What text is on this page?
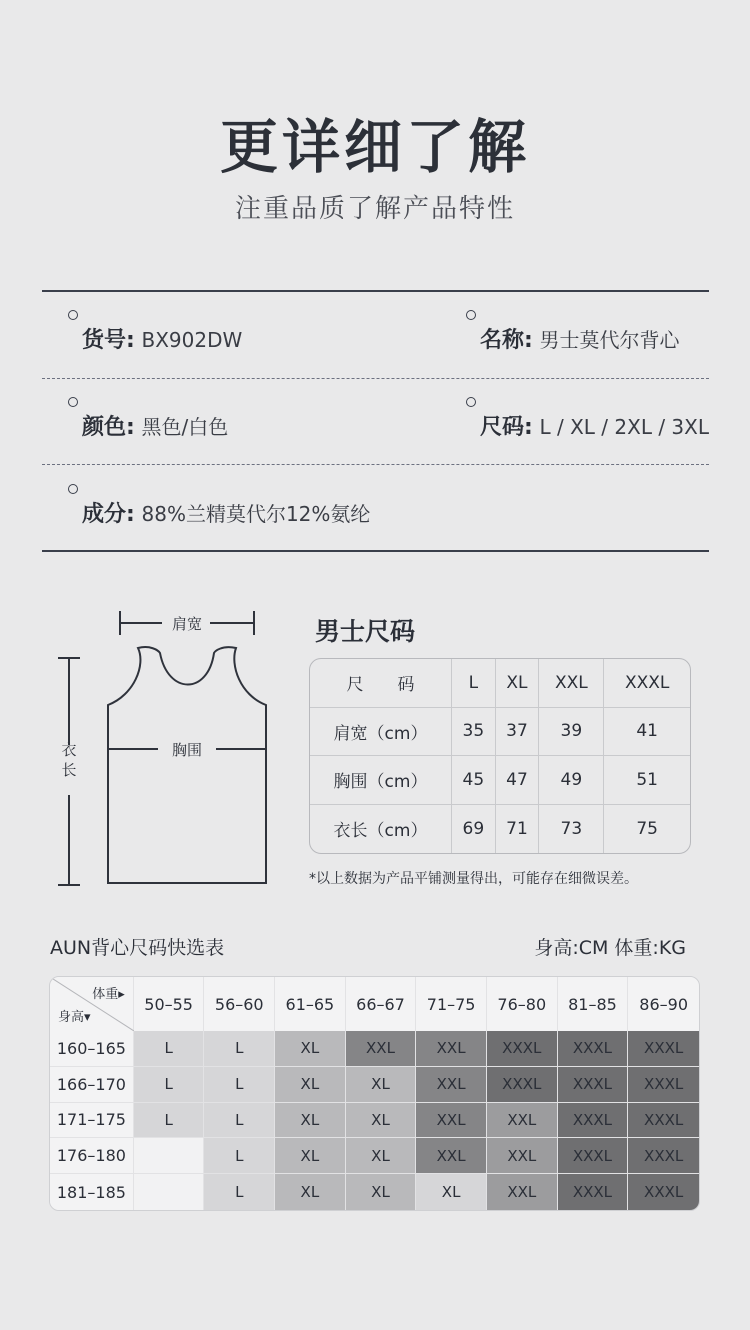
更详细了解
注重品质了解产品特性
货号: BX902DW	名称: 男士莫代尔背心
颜色: 黑色/白色	尺码: L / XL / 2XL / 3XL
成分: 88%兰精莫代尔12%氨纶
肩宽
胸围
衣长
男士尺码
尺　　码	L	XL	XXL	XXXL
肩宽（cm）	35	37	39	41
胸围（cm）	45	47	49	51
衣长（cm）	69	71	73	75
*以上数据为产品平铺测量得出，可能存在细微误差。
AUN背心尺码快选表	身高:CM 体重:KG
体重▸
身高▾	50–55	56–60	61–65	66–67	71–75	76–80	81–85	86–90
160–165	L	L	XL	XXL	XXL	XXXL	XXXL	XXXL
166–170	L	L	XL	XL	XXL	XXXL	XXXL	XXXL
171–175	L	L	XL	XL	XXL	XXL	XXXL	XXXL
176–180		L	XL	XL	XXL	XXL	XXXL	XXXL
181–185		L	XL	XL	XL	XXL	XXXL	XXXL
